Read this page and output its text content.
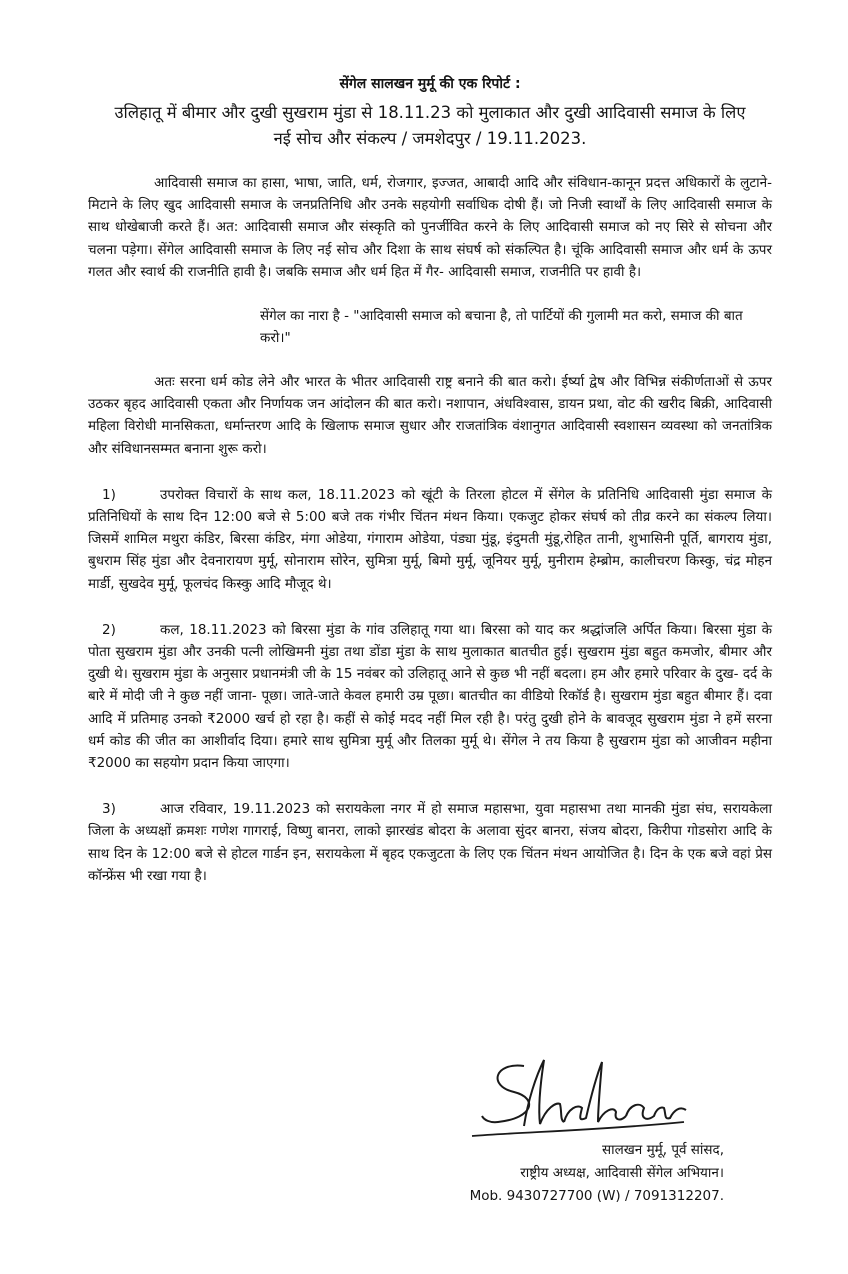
सेंगेल सालखन मुर्मू की एक रिपोर्ट :
उलिहातू में बीमार और दुखी सुखराम मुंडा से 18.11.23 को मुलाकात और दुखी आदिवासी समाज के लिए नई सोच और संकल्प / जमशेदपुर / 19.11.2023.

आदिवासी समाज का हासा, भाषा, जाति, धर्म, रोजगार, इज्जत, आबादी आदि और संविधान-कानून प्रदत्त अधिकारों के लुटाने-मिटाने के लिए खुद आदिवासी समाज के जनप्रतिनिधि और उनके सहयोगी सर्वाधिक दोषी हैं। जो निजी स्वार्थों के लिए आदिवासी समाज के साथ धोखेबाजी करते हैं। अत: आदिवासी समाज और संस्कृति को पुनर्जीवित करने के लिए आदिवासी समाज को नए सिरे से सोचना और चलना पड़ेगा। सेंगेल आदिवासी समाज के लिए नई सोच और दिशा के साथ संघर्ष को संकल्पित है। चूंकि आदिवासी समाज और धर्म के ऊपर गलत और स्वार्थ की राजनीति हावी है। जबकि समाज और धर्म हित में गैर- आदिवासी समाज, राजनीति पर हावी है।

सेंगेल का नारा है - "आदिवासी समाज को बचाना है, तो पार्टियों की गुलामी मत करो, समाज की बात करो।"

अतः सरना धर्म कोड लेने और भारत के भीतर आदिवासी राष्ट्र बनाने की बात करो। ईर्ष्या द्वेष और विभिन्न संकीर्णताओं से ऊपर उठकर बृहद आदिवासी एकता और निर्णायक जन आंदोलन की बात करो। नशापान, अंधविश्वास, डायन प्रथा, वोट की खरीद बिक्री, आदिवासी महिला विरोधी मानसिकता, धर्मान्तरण आदि के खिलाफ समाज सुधार और राजतांत्रिक वंशानुगत आदिवासी स्वशासन व्यवस्था को जनतांत्रिक और संविधानसम्मत बनाना शुरू करो।

1)	उपरोक्त विचारों के साथ कल, 18.11.2023 को खूंटी के तिरला होटल में सेंगेल के प्रतिनिधि आदिवासी मुंडा समाज के प्रतिनिधियों के साथ दिन 12:00 बजे से 5:00 बजे तक गंभीर चिंतन मंथन किया। एकजुट होकर संघर्ष को तीव्र करने का संकल्प लिया। जिसमें शामिल मथुरा कंडिर, बिरसा कंडिर, मंगा ओडेया, गंगाराम ओडेया, पंड्या मुंडू, इंदुमती मुंडू,रोहित तानी, शुभासिनी पूर्ति, बागराय मुंडा, बुधराम सिंह मुंडा और देवनारायण मुर्मू, सोनाराम सोरेन, सुमित्रा मुर्मू, बिमो मुर्मू, जूनियर मुर्मू, मुनीराम हेम्ब्रोम, कालीचरण किस्कु, चंद्र मोहन मार्डी, सुखदेव मुर्मू, फूलचंद किस्कु आदि मौजूद थे।

2)	कल, 18.11.2023 को बिरसा मुंडा के गांव उलिहातू गया था। बिरसा को याद कर श्रद्धांजलि अर्पित किया। बिरसा मुंडा के पोता सुखराम मुंडा और उनकी पत्नी लोखिमनी मुंडा तथा डोंडा मुंडा के साथ मुलाकात बातचीत हुई। सुखराम मुंडा बहुत कमजोर, बीमार और दुखी थे। सुखराम मुंडा के अनुसार प्रधानमंत्री जी के 15 नवंबर को उलिहातू आने से कुछ भी नहीं बदला। हम और हमारे परिवार के दुख- दर्द के बारे में मोदी जी ने कुछ नहीं जाना- पूछा। जाते-जाते केवल हमारी उम्र पूछा। बातचीत का वीडियो रिकॉर्ड है। सुखराम मुंडा बहुत बीमार हैं। दवा आदि में प्रतिमाह उनको ₹2000 खर्च हो रहा है। कहीं से कोई मदद नहीं मिल रही है। परंतु दुखी होने के बावजूद सुखराम मुंडा ने हमें सरना धर्म कोड की जीत का आशीर्वाद दिया। हमारे साथ सुमित्रा मुर्मू और तिलका मुर्मू थे। सेंगेल ने तय किया है सुखराम मुंडा को आजीवन महीना ₹2000 का सहयोग प्रदान किया जाएगा।

3)	आज रविवार, 19.11.2023 को सरायकेला नगर में हो समाज महासभा, युवा महासभा तथा मानकी मुंडा संघ, सरायकेला जिला के अध्यक्षों क्रमशः गणेश गागराई, विष्णु बानरा, लाको झारखंड बोदरा के अलावा सुंदर बानरा, संजय बोदरा, किरीपा गोडसोरा आदि के साथ दिन के 12:00 बजे से होटल गार्डन इन, सरायकेला में बृहद एकजुटता के लिए एक चिंतन मंथन आयोजित है। दिन के एक बजे वहां प्रेस कॉन्फ्रेंस भी रखा गया है।

सालखन मुर्मू, पूर्व सांसद,
राष्ट्रीय अध्यक्ष, आदिवासी सेंगेल अभियान।
Mob. 9430727700 (W) / 7091312207.
